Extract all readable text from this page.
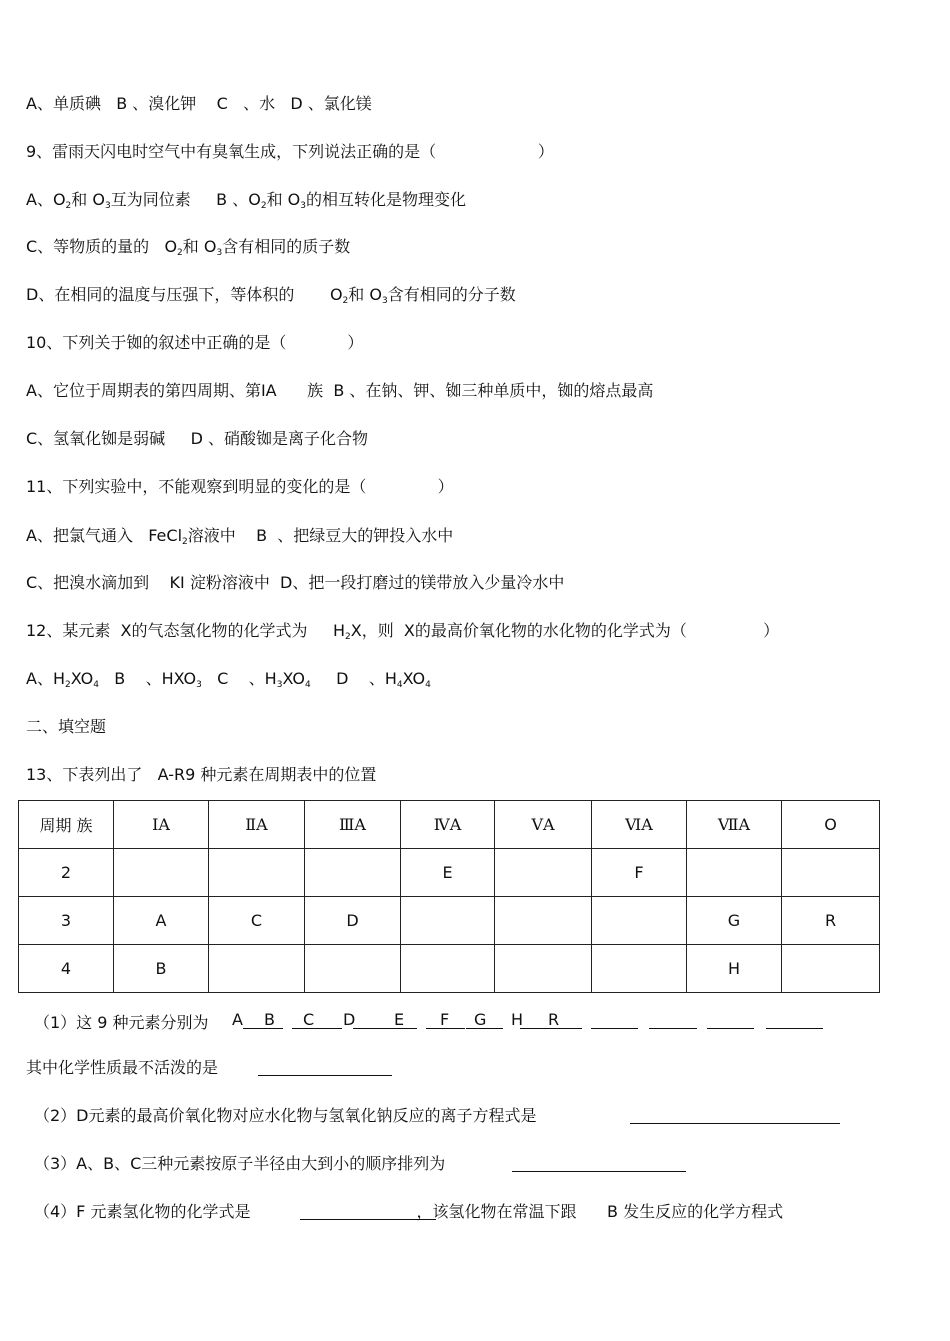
A、单质碘 B 、溴化钾 C 、水 D 、氯化镁
9、雷雨天闪电时空气中有臭氧生成，下列说法正确的是（	）
A、$O_2$和 $O_3$互为同位素 B 、$O_2$和 $O_3$的相互转化是物理变化
C、等物质的量的 $O_2$和 $O_3$含有相同的质子数
D、在相同的温度与压强下，等体积的 $O_2$和 $O_3$含有相同的分子数
10、下列关于铷的叙述中正确的是（	）
A、它位于周期表的第四周期、第ⅠA 族 B 、在钠、钾、铷三种单质中，铷的熔点最高
C、氢氧化铷是弱碱 D 、硝酸铷是离子化合物
11、下列实验中，不能观察到明显的变化的是（	）
A、把氯气通入 FeCl$_2$溶液中 B 、把绿豆大的钾投入水中
C、把溴水滴加到 KI 淀粉溶液中 D、把一段打磨过的镁带放入少量冷水中
12、某元素 X的气态氢化物的化学式为 $H_2X$，则 X的最高价氧化物的水化物的化学式为（	）
A、$H_2XO_4$ B 、$HXO_3$ C 、$H_3XO_4$ D 、$H_4XO_4$
二、填空题
13、下表列出了 A-R9 种元素在周期表中的位置
周期 族	ⅠA	ⅡA	ⅢA	ⅣA	ⅤA	ⅥA	ⅦA	O
2				E		F		
3	A	C	D				G	R
4	B						H	
（1）这 9 种元素分别为 A B C D E F G H R
其中化学性质最不活泼的是
（2）D元素的最高价氧化物对应水化物与氢氧化钠反应的离子方程式是
（3）A、B、C三种元素按原子半径由大到小的顺序排列为
（4）F 元素氢化物的化学式是	，该氢化物在常温下跟 B 发生反应的化学方程式
